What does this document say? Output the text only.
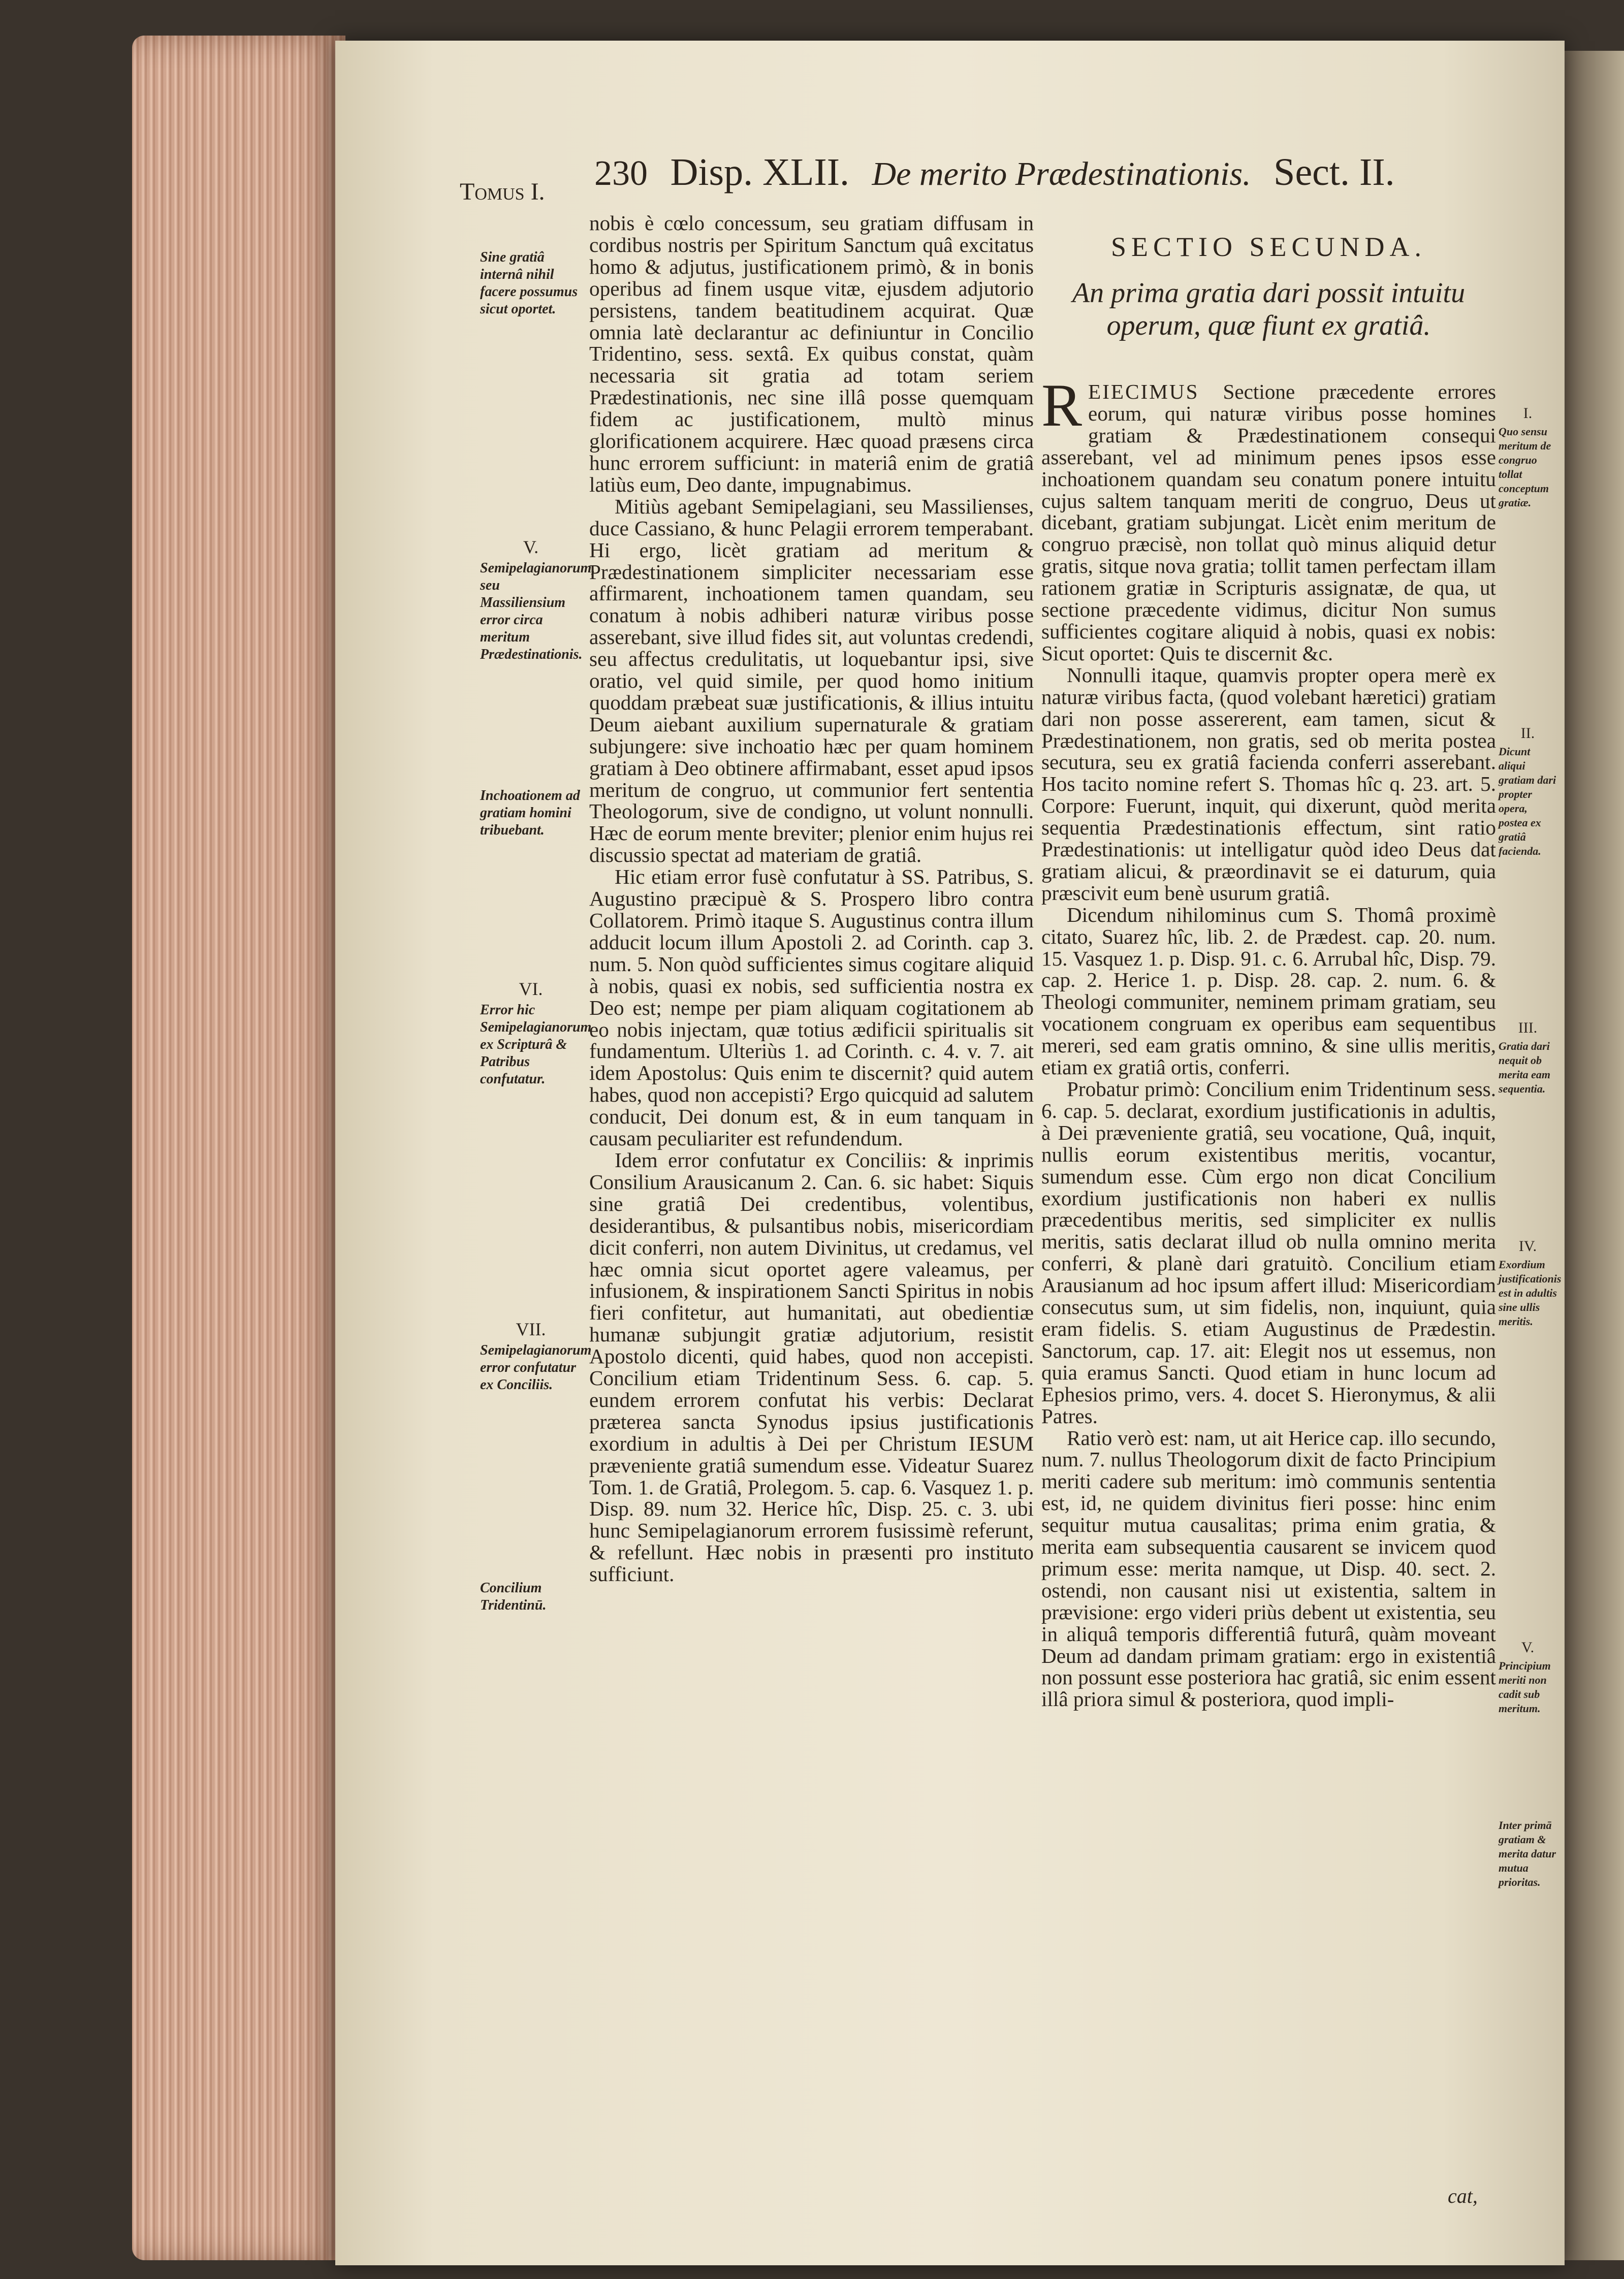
Tomus I. 230 Disp. XLII. De merito Prædestinationis. Sect. II.
SECTIO SECUNDA.
An prima gratia dari possit intuitu operum, quæ fiunt ex gratiâ.

nobis è cœlo concessum, seu gratiam diffusam in cordibus nostris per Spiritum Sanctum quâ excitatus homo & adjutus, justificationem primò, & in bonis operibus ad finem usque vitæ, ejusdem adjutorio persistens, tandem beatitudinem acquirat. Quæ omnia latè declarantur ac definiuntur in Concilio Tridentino, sess. sextâ. Ex quibus constat, quàm necessaria sit gratia ad totam seriem Prædestinationis, nec sine illâ posse quemquam fidem ac justificationem, multò minus glorificationem acquirere. Hæc quoad præsens circa hunc errorem sufficiunt: in materiâ enim de gratiâ latiùs eum, Deo dante, impugnabimus.

Mitiùs agebant Semipelagiani, seu Massilienses, duce Cassiano, & hunc Pelagii errorem temperabant. Hi ergo, licèt gratiam ad meritum & Prædestinationem simpliciter necessariam esse affirmarent, inchoationem tamen quandam, seu conatum à nobis adhiberi naturæ viribus posse asserebant, sive illud fides sit, aut voluntas credendi, seu affectus credulitatis, ut loquebantur ipsi, sive oratio, vel quid simile, per quod homo initium quoddam præbeat suæ justificationis, & illius intuitu Deum aiebant auxilium supernaturale & gratiam subjungere: sive inchoatio hæc per quam hominem gratiam à Deo obtinere affirmabant, esset apud ipsos meritum de congruo, ut communior fert sententia Theologorum, sive de condigno, ut volunt nonnulli. Hæc de eorum mente breviter; plenior enim hujus rei discussio spectat ad materiam de gratiâ.

Hic etiam error fusè confutatur à SS. Patribus, S. Augustino præcipuè & S. Prospero libro contra Collatorem. Primò itaque S. Augustinus contra illum adducit locum illum Apostoli 2. ad Corinth. cap 3. num. 5. Non quòd sufficientes simus cogitare aliquid à nobis, quasi ex nobis, sed sufficientia nostra ex Deo est; nempe per piam aliquam cogitationem ab eo nobis injectam, quæ totius ædificii spiritualis sit fundamentum. Ulteriùs 1. ad Corinth. c. 4. v. 7. ait idem Apostolus: Quis enim te discernit? quid autem habes, quod non accepisti? Ergo quicquid ad salutem conducit, Dei donum est, & in eum tanquam in causam peculiariter est refundendum.

Idem error confutatur ex Conciliis: & inprimis Consilium Arausicanum 2. Can. 6. sic habet: Siquis sine gratiâ Dei credentibus, volentibus, desiderantibus, & pulsantibus nobis, misericordiam dicit conferri, non autem Divinitus, ut credamus, vel hæc omnia sicut oportet agere valeamus, per infusionem, & inspirationem Sancti Spiritus in nobis fieri confitetur, aut humanitati, aut obedientiæ humanæ subjungit gratiæ adjutorium, resistit Apostolo dicenti, quid habes, quod non accepisti. Concilium etiam Tridentinum Sess. 6. cap. 5. eundem errorem confutat his verbis: Declarat præterea sancta Synodus ipsius justificationis exordium in adultis à Dei per Christum IESUM præveniente gratiâ sumendum esse. Videatur Suarez Tom. 1. de Gratiâ, Prolegom. 5. cap. 6. Vasquez 1. p. Disp. 89. num 32. Herice hîc, Disp. 25. c. 3. ubi hunc Semipelagianorum errorem fusissimè referunt, & refellunt. Hæc nobis in præsenti pro instituto sufficiunt.

R EIECIMUS Sectione præcedente errores eorum, qui naturæ viribus posse homines gratiam & Prædestinationem consequi asserebant, vel ad minimum penes ipsos esse inchoationem quandam seu conatum ponere intuitu cujus saltem tanquam meriti de congruo, Deus ut dicebant, gratiam subjungat. Licèt enim meritum de congruo præcisè, non tollat quò minus aliquid detur gratis, sitque nova gratia; tollit tamen perfectam illam rationem gratiæ in Scripturis assignatæ, de qua, ut sectione præcedente vidimus, dicitur Non sumus sufficientes cogitare aliquid à nobis, quasi ex nobis: Sicut oportet: Quis te discernit &c.

Nonnulli itaque, quamvis propter opera merè ex naturæ viribus facta, (quod volebant hæretici) gratiam dari non posse assererent, eam tamen, sicut & Prædestinationem, non gratis, sed ob merita postea secutura, seu ex gratiâ facienda conferri asserebant. Hos tacito nomine refert S. Thomas hîc q. 23. art. 5. Corpore: Fuerunt, inquit, qui dixerunt, quòd merita sequentia Prædestinationis effectum, sint ratio Prædestinationis: ut intelligatur quòd ideo Deus dat gratiam alicui, & præordinavit se ei daturum, quia præscivit eum benè usurum gratiâ.

Dicendum nihilominus cum S. Thomâ proximè citato, Suarez hîc, lib. 2. de Prædest. cap. 20. num. 15. Vasquez 1. p. Disp. 91. c. 6. Arrubal hîc, Disp. 79. cap. 2. Herice 1. p. Disp. 28. cap. 2. num. 6. & Theologi communiter, neminem primam gratiam, seu vocationem congruam ex operibus eam sequentibus mereri, sed eam gratis omnino, & sine ullis meritis, etiam ex gratiâ ortis, conferri.

Probatur primò: Concilium enim Tridentinum sess. 6. cap. 5. declarat, exordium justificationis in adultis, à Dei præveniente gratiâ, seu vocatione, Quâ, inquit, nullis eorum existentibus meritis, vocantur, sumendum esse. Cùm ergo non dicat Concilium exordium justificationis non haberi ex nullis præcedentibus meritis, sed simpliciter ex nullis meritis, satis declarat illud ob nulla omnino merita conferri, & planè dari gratuitò. Concilium etiam Arausianum ad hoc ipsum affert illud: Misericordiam consecutus sum, ut sim fidelis, non, inquiunt, quia eram fidelis. S. etiam Augustinus de Prædestin. Sanctorum, cap. 17. ait: Elegit nos ut essemus, non quia eramus Sancti. Quod etiam in hunc locum ad Ephesios primo, vers. 4. docet S. Hieronymus, & alii Patres.

Ratio verò est: nam, ut ait Herice cap. illo secundo, num. 7. nullus Theologorum dixit de facto Principium meriti cadere sub meritum: imò communis sententia est, id, ne quidem divinitus fieri posse: hinc enim sequitur mutua causalitas; prima enim gratia, & merita eam subsequentia causarent se invicem quod primum esse: merita namque, ut Disp. 40. sect. 2. ostendi, non causant nisi ut existentia, saltem in prævisione: ergo videri priùs debent ut existentia, seu in aliquâ temporis differentiâ futurâ, quàm moveant Deum ad dandam primam gratiam: ergo in existentiâ non possunt esse posteriora hac gratiâ, sic enim essent illâ priora simul & posteriora, quod impli-

cat,
Sine gratiâ internâ nihil facere possumus sicut oportet.
V.
Semipelagianorum, seu Massiliensium error circa meritum Prædestinationis.
Inchoationem ad gratiam homini tribuebant.
VI.
Error hic Semipelagianorum ex Scripturâ & Patribus confutatur.
VII.
Semipelagianorum error confutatur ex Conciliis.
Concilium Tridentinū.
I.
Quo sensu meritum de congruo tollat conceptum gratiæ.
II.
Dicunt aliqui gratiam dari propter opera, postea ex gratiâ facienda.
III.
Gratia dari nequit ob merita eam sequentia.
IV.
Exordium justificationis est in adultis sine ullis meritis.
V.
Principium meriti non cadit sub meritum.
Inter primā gratiam & merita datur mutua prioritas.
